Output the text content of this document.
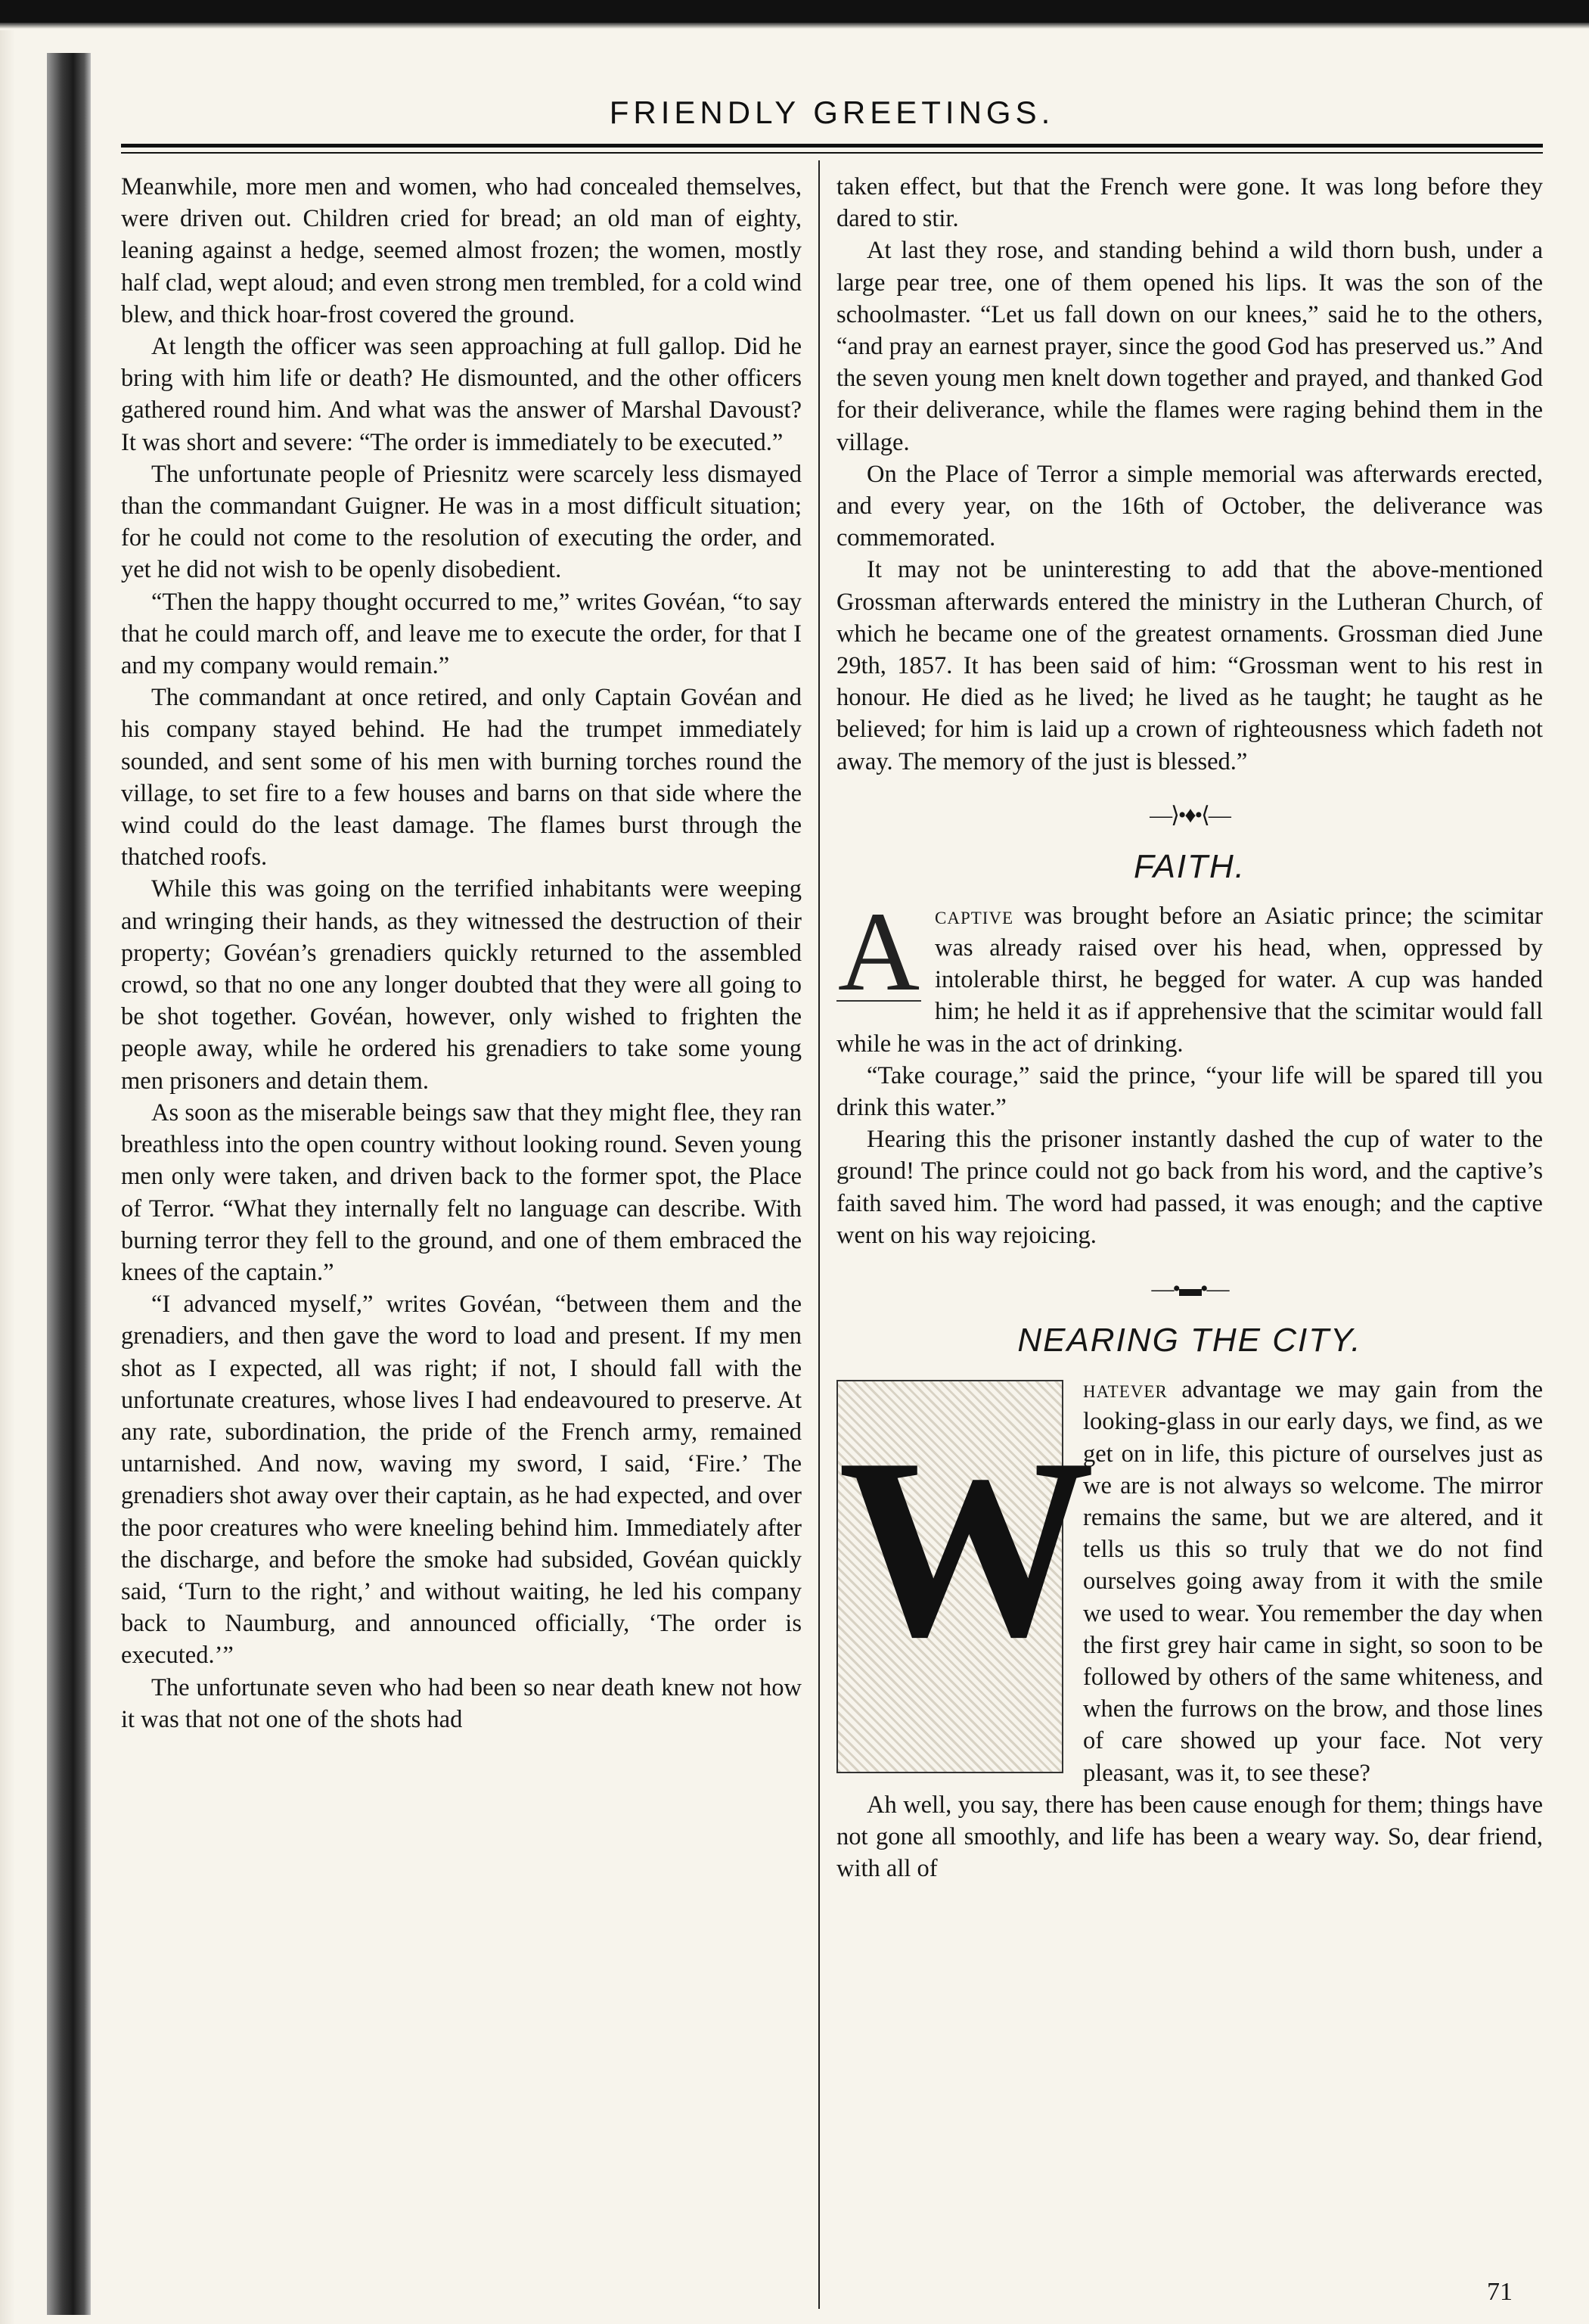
FRIENDLY GREETINGS.

Meanwhile, more men and women, who had concealed themselves, were driven out. Children cried for bread; an old man of eighty, leaning against a hedge, seemed almost frozen; the women, mostly half clad, wept aloud; and even strong men trembled, for a cold wind blew, and thick hoar-frost covered the ground.

At length the officer was seen approaching at full gallop. Did he bring with him life or death? He dismounted, and the other officers gathered round him. And what was the answer of Marshal Davoust? It was short and severe: “The order is immediately to be executed.”

The unfortunate people of Priesnitz were scarcely less dismayed than the commandant Guigner. He was in a most difficult situation; for he could not come to the resolution of executing the order, and yet he did not wish to be openly disobedient.

“Then the happy thought occurred to me,” writes Govéan, “to say that he could march off, and leave me to execute the order, for that I and my company would remain.”

The commandant at once retired, and only Captain Govéan and his company stayed behind. He had the trumpet immediately sounded, and sent some of his men with burning torches round the village, to set fire to a few houses and barns on that side where the wind could do the least damage. The flames burst through the thatched roofs.

While this was going on the terrified inhabitants were weeping and wringing their hands, as they witnessed the destruction of their property; Govéan’s grenadiers quickly returned to the assembled crowd, so that no one any longer doubted that they were all going to be shot together. Govéan, however, only wished to frighten the people away, while he ordered his grenadiers to take some young men prisoners and detain them.

As soon as the miserable beings saw that they might flee, they ran breathless into the open country without looking round. Seven young men only were taken, and driven back to the former spot, the Place of Terror. “What they internally felt no language can describe. With burning terror they fell to the ground, and one of them embraced the knees of the captain.”

“I advanced myself,” writes Govéan, “between them and the grenadiers, and then gave the word to load and present. If my men shot as I expected, all was right; if not, I should fall with the unfortunate creatures, whose lives I had endeavoured to preserve. At any rate, subordination, the pride of the French army, remained untarnished. And now, waving my sword, I said, ‘Fire.’ The grenadiers shot away over their captain, as he had expected, and over the poor creatures who were kneeling behind him. Immediately after the discharge, and before the smoke had subsided, Govéan quickly said, ‘Turn to the right,’ and without waiting, he led his company back to Naumburg, and announced officially, ‘The order is executed.’”

The unfortunate seven who had been so near death knew not how it was that not one of the shots had

taken effect, but that the French were gone. It was long before they dared to stir.

At last they rose, and standing behind a wild thorn bush, under a large pear tree, one of them opened his lips. It was the son of the schoolmaster. “Let us fall down on our knees,” said he to the others, “and pray an earnest prayer, since the good God has preserved us.” And the seven young men knelt down together and prayed, and thanked God for their deliverance, while the flames were raging behind them in the village.

On the Place of Terror a simple memorial was afterwards erected, and every year, on the 16th of October, the deliverance was commemorated.

It may not be uninteresting to add that the above-mentioned Grossman afterwards entered the ministry in the Lutheran Church, of which he became one of the greatest ornaments. Grossman died June 29th, 1857. It has been said of him: “Grossman went to his rest in honour. He died as he lived; he lived as he taught; he taught as he believed; for him is laid up a crown of righteousness which fadeth not away. The memory of the just is blessed.”

—⟩•♦•⟨—
FAITH.

A captive was brought before an Asiatic prince; the scimitar was already raised over his head, when, oppressed by intolerable thirst, he begged for water. A cup was handed him; he held it as if apprehensive that the scimitar would fall while he was in the act of drinking.

“Take courage,” said the prince, “your life will be spared till you drink this water.”

Hearing this the prisoner instantly dashed the cup of water to the ground! The prince could not go back from his word, and the captive’s faith saved him. The word had passed, it was enough; and the captive went on his way rejoicing.

—•▬•—
NEARING THE CITY.

W
hatever advantage we may gain from the looking-glass in our early days, we find, as we get on in life, this picture of ourselves just as we are is not always so welcome. The mirror remains the same, but we are altered, and it tells us this so truly that we do not find ourselves going away from it with the smile we used to wear. You remember the day when the first grey hair came in sight, so soon to be followed by others of the same whiteness, and when the furrows on the brow, and those lines of care showed up your face. Not very pleasant, was it, to see these?

Ah well, you say, there has been cause enough for them; things have not gone all smoothly, and life has been a weary way. So, dear friend, with all of

71
